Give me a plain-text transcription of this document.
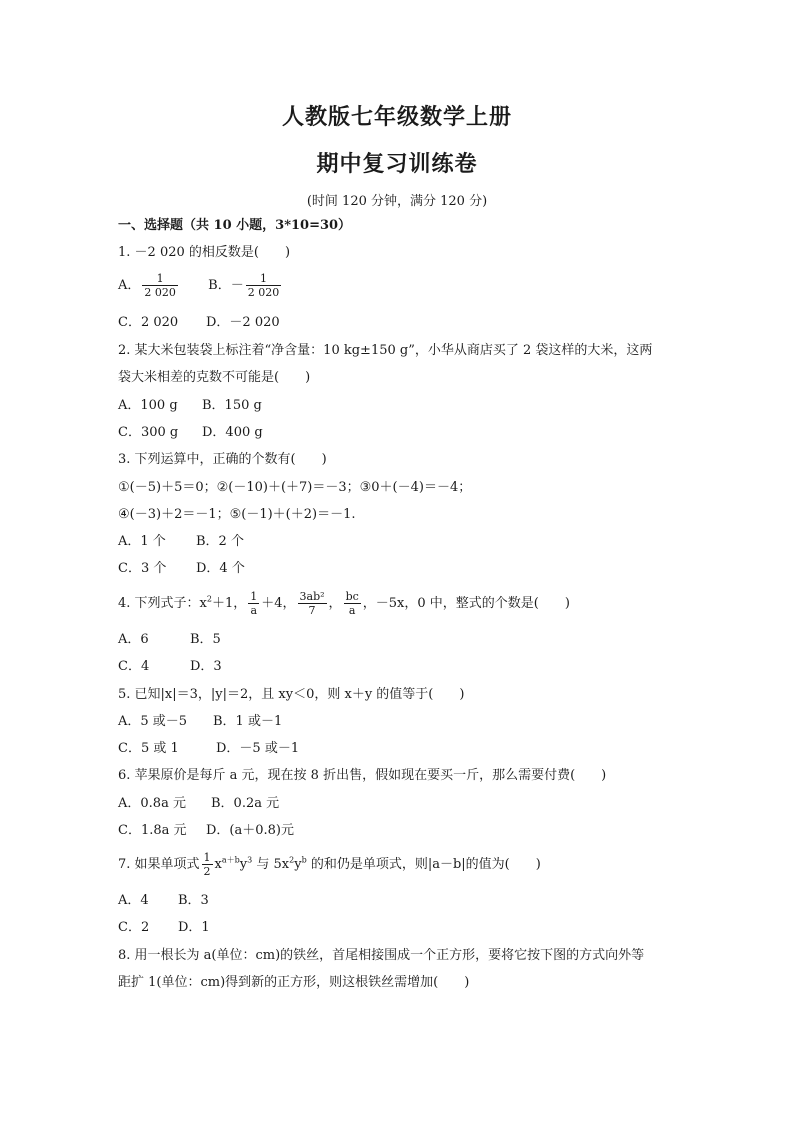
人教版七年级数学上册
期中复习训练卷
(时间 120 分钟，满分 120 分)
一、选择题（共 10 小题，3*10=30）
1. －2 020 的相反数是(　　)
A． $\frac{1}{2 020}$ B．－ $\frac{1}{2 020}$
C．2 020 D．－2 020
2. 某大米包装袋上标注着“净含量：10 kg±150 g”，小华从商店买了 2 袋这样的大米，这两
袋大米相差的克数不可能是(　　)
A．100 g B．150 g
C．300 g D．400 g
3. 下列运算中，正确的个数有(　　)
①(－5)＋5＝0；②(－10)＋(＋7)＝－3；③0＋(－4)＝－4；
④(－3)＋2＝－1；⑤(－1)＋(＋2)＝－1.
A．1 个 B．2 个
C．3 个 D．4 个
4. 下列式子：$x^2+1$， $\frac{1}{a} +4$， $\frac{\text{3ab²}}{7}$ ， $\frac{bc}{a}$ ，－5x，0 中，整式的个数是(　　)
A．6	B．5
C．4	D．3
5. 已知|x|＝3，|y|＝2，且 xy＜0，则 x＋y 的值等于(　　)
A．5 或－5 B．1 或－1
C．5 或 1	D．－5 或－1
6. 苹果原价是每斤 a 元，现在按 8 折出售，假如现在要买一斤，那么需要付费(　　)
A．0.8a 元 B．0.2a 元
C．1.8a 元 D．(a＋0.8)元
7. 如果单项式 $\frac{1}{2} x^{a+b}y^3$ 与 $5x^2y^b$ 的和仍是单项式，则|a－b|的值为(　　)
A．4 B．3
C．2 D．1
8. 用一根长为 a(单位：cm)的铁丝，首尾相接围成一个正方形，要将它按下图的方式向外等
距扩 1(单位：cm)得到新的正方形，则这根铁丝需增加(　　)
